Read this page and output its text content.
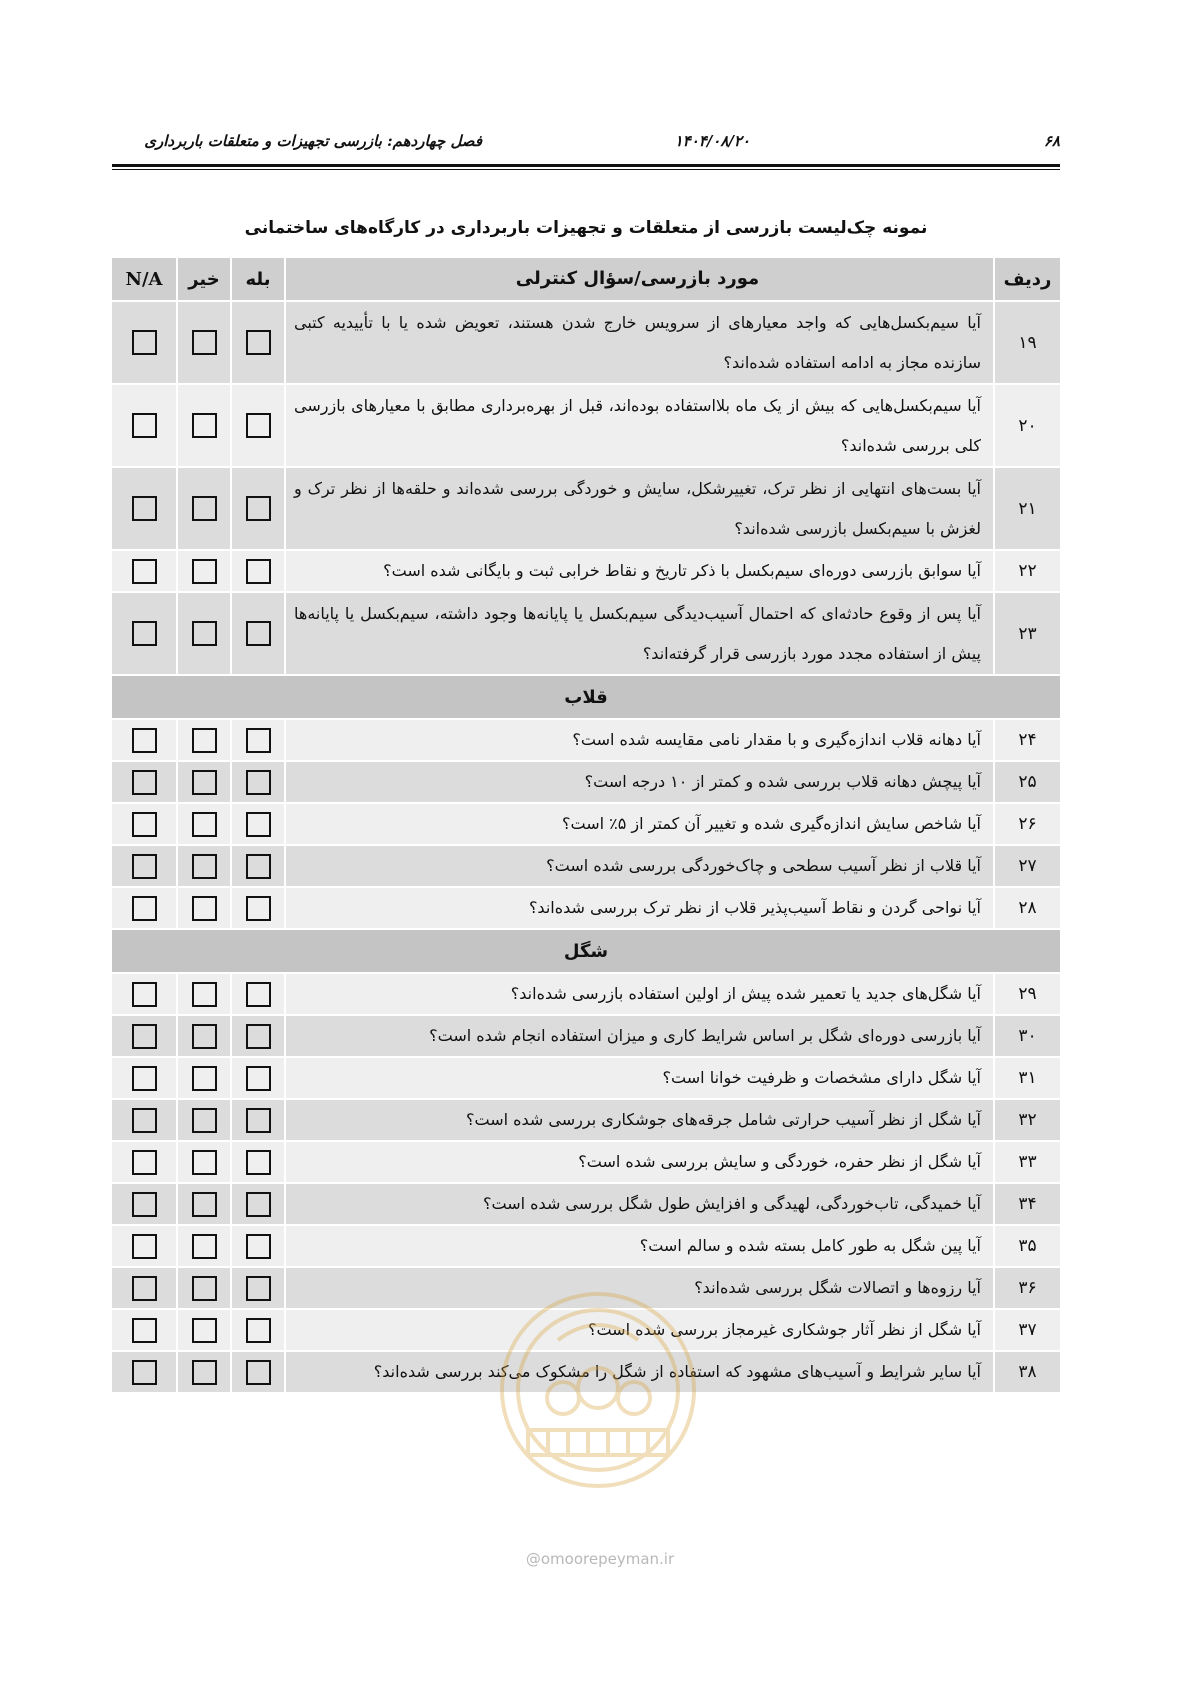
۶۸
۱۴۰۴/۰۸/۲۰
فصل چهاردهم: بازرسی تجهیزات و متعلقات باربرداری
نمونه چک‌لیست بازرسی از متعلقات و تجهیزات باربرداری در کارگاه‌های ساختمانی
ردیف
مورد بازرسی/سؤال کنترلی
بله
خیر
N/A
۱۹
آیا سیم‌بکسل‌هایی که واجد معیارهای از سرویس خارج شدن هستند، تعویض شده یا با تأییدیه کتبی سازنده مجاز به ادامه استفاده شده‌اند؟
۲۰
آیا سیم‌بکسل‌هایی که بیش از یک ماه بلااستفاده بوده‌اند، قبل از بهره‌برداری مطابق با معیارهای بازرسی کلی بررسی شده‌اند؟
۲۱
آیا بست‌های انتهایی از نظر ترک، تغییرشکل، سایش و خوردگی بررسی شده‌اند و حلقه‌ها از نظر ترک و لغزش با سیم‌بکسل بازرسی شده‌اند؟
۲۲
آیا سوابق بازرسی دوره‌ای سیم‌بکسل با ذکر تاریخ و نقاط خرابی ثبت و بایگانی شده است؟
۲۳
آیا پس از وقوع حادثه‌ای که احتمال آسیب‌دیدگی سیم‌بکسل یا پایانه‌ها وجود داشته، سیم‌بکسل یا پایانه‌ها پیش از استفاده مجدد مورد بازرسی قرار گرفته‌اند؟
قلاب
۲۴
آیا دهانه قلاب اندازه‌گیری و با مقدار نامی مقایسه شده است؟
۲۵
آیا پیچش دهانه قلاب بررسی شده و کمتر از ۱۰ درجه است؟
۲۶
آیا شاخص سایش اندازه‌گیری شده و تغییر آن کمتر از ۵٪ است؟
۲۷
آیا قلاب از نظر آسیب سطحی و چاک‌خوردگی بررسی شده است؟
۲۸
آیا نواحی گردن و نقاط آسیب‌پذیر قلاب از نظر ترک بررسی شده‌اند؟
شگل
۲۹
آیا شگل‌های جدید یا تعمیر شده پیش از اولین استفاده بازرسی شده‌اند؟
۳۰
آیا بازرسی دوره‌ای شگل بر اساس شرایط کاری و میزان استفاده انجام شده است؟
۳۱
آیا شگل دارای مشخصات و ظرفیت خوانا است؟
۳۲
آیا شگل از نظر آسیب حرارتی شامل جرقه‌های جوشکاری بررسی شده است؟
۳۳
آیا شگل از نظر حفره، خوردگی و سایش بررسی شده است؟
۳۴
آیا خمیدگی، تاب‌خوردگی، لهیدگی و افزایش طول شگل بررسی شده است؟
۳۵
آیا پین شگل به طور کامل بسته شده و سالم است؟
۳۶
آیا رزوه‌ها و اتصالات شگل بررسی شده‌اند؟
۳۷
آیا شگل از نظر آثار جوشکاری غیرمجاز بررسی شده است؟
۳۸
آیا سایر شرایط و آسیب‌های مشهود که استفاده از شگل را مشکوک می‌کند بررسی شده‌اند؟
@omoorepeyman.ir
